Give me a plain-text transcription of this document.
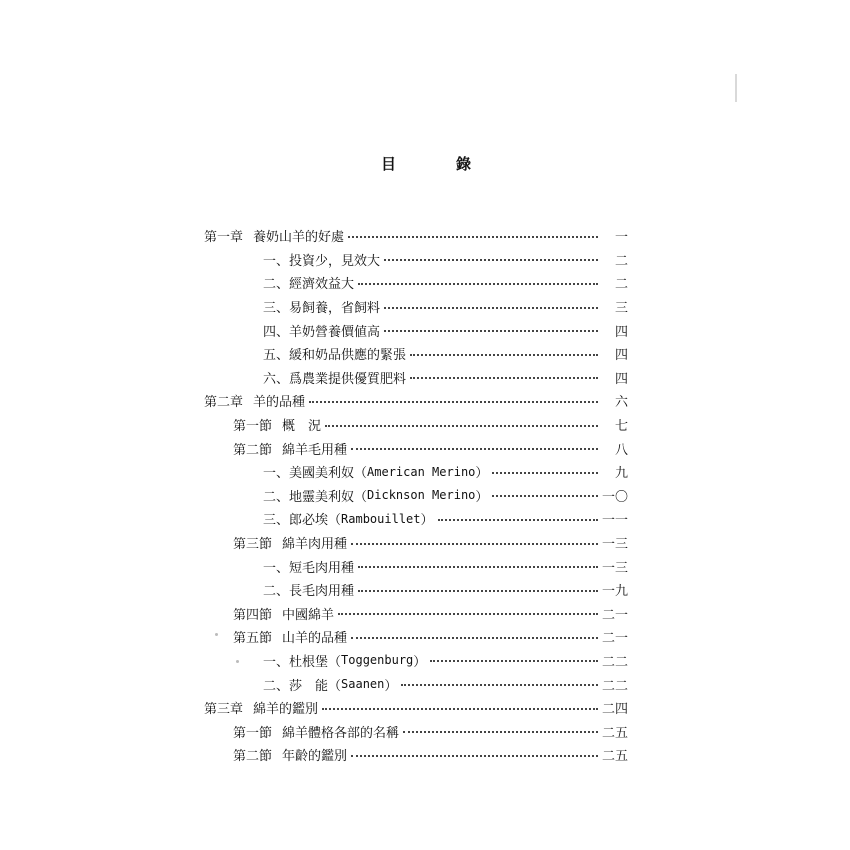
目	錄
第一章 養奶山羊的好處	一
一、 投資少，見效大	二
二、 經濟效益大	二
三、 易飼養，省飼料	三
四、 羊奶營養價値高	四
五、 緩和奶品供應的緊張	四
六、 爲農業提供優質肥料	四
第二章 羊的品種	六
第一節 概　況	七
第二節 綿羊毛用種	八
一、 美國美利奴（ American Merino ）	九
二、 地靈美利奴（ Dicknson Merino ）	一〇
三、 郎必埃（ Rambouillet ）	一一
第三節 綿羊肉用種	一三
一、 短毛肉用種	一三
二、 長毛肉用種	一九
第四節 中國綿羊	二一
第五節 山羊的品種	二一
一、 杜根堡（ Toggenburg ）	二二
二、 莎　能（ Saanen ）	二二
第三章 綿羊的鑑別	二四
第一節 綿羊體格各部的名稱	二五
第二節 年齡的鑑別	二五
